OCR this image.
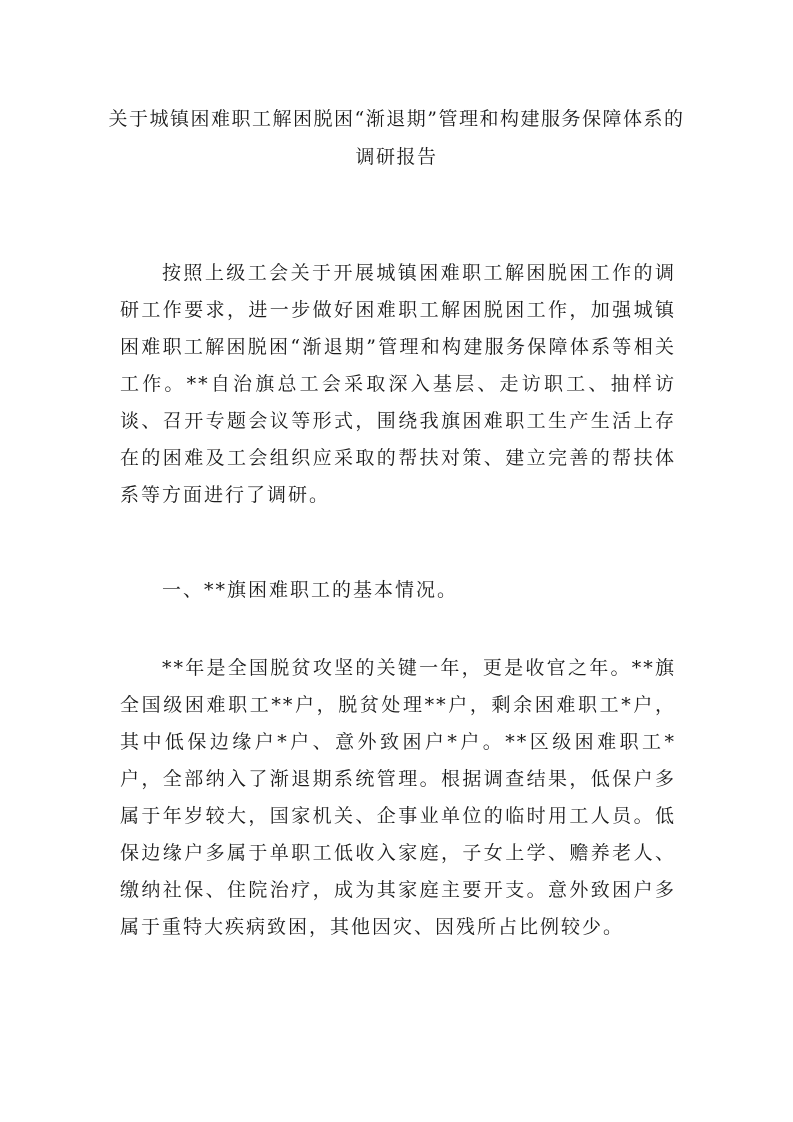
关于城镇困难职工解困脱困“渐退期”管理和构建服务保障体系的调研报告

按照上级工会关于开展城镇困难职工解困脱困工作的调研工作要求，进一步做好困难职工解困脱困工作，加强城镇困难职工解困脱困“渐退期”管理和构建服务保障体系等相关工作。**自治旗总工会采取深入基层、走访职工、抽样访谈、召开专题会议等形式，围绕我旗困难职工生产生活上存在的困难及工会组织应采取的帮扶对策、建立完善的帮扶体系等方面进行了调研。

一、**旗困难职工的基本情况。

**年是全国脱贫攻坚的关键一年，更是收官之年。**旗全国级困难职工**户，脱贫处理**户，剩余困难职工*户，其中低保边缘户*户、意外致困户*户。**区级困难职工*户，全部纳入了渐退期系统管理。根据调查结果，低保户多属于年岁较大，国家机关、企事业单位的临时用工人员。低保边缘户多属于单职工低收入家庭，子女上学、赡养老人、缴纳社保、住院治疗，成为其家庭主要开支。意外致困户多属于重特大疾病致困，其他因灾、因残所占比例较少。
